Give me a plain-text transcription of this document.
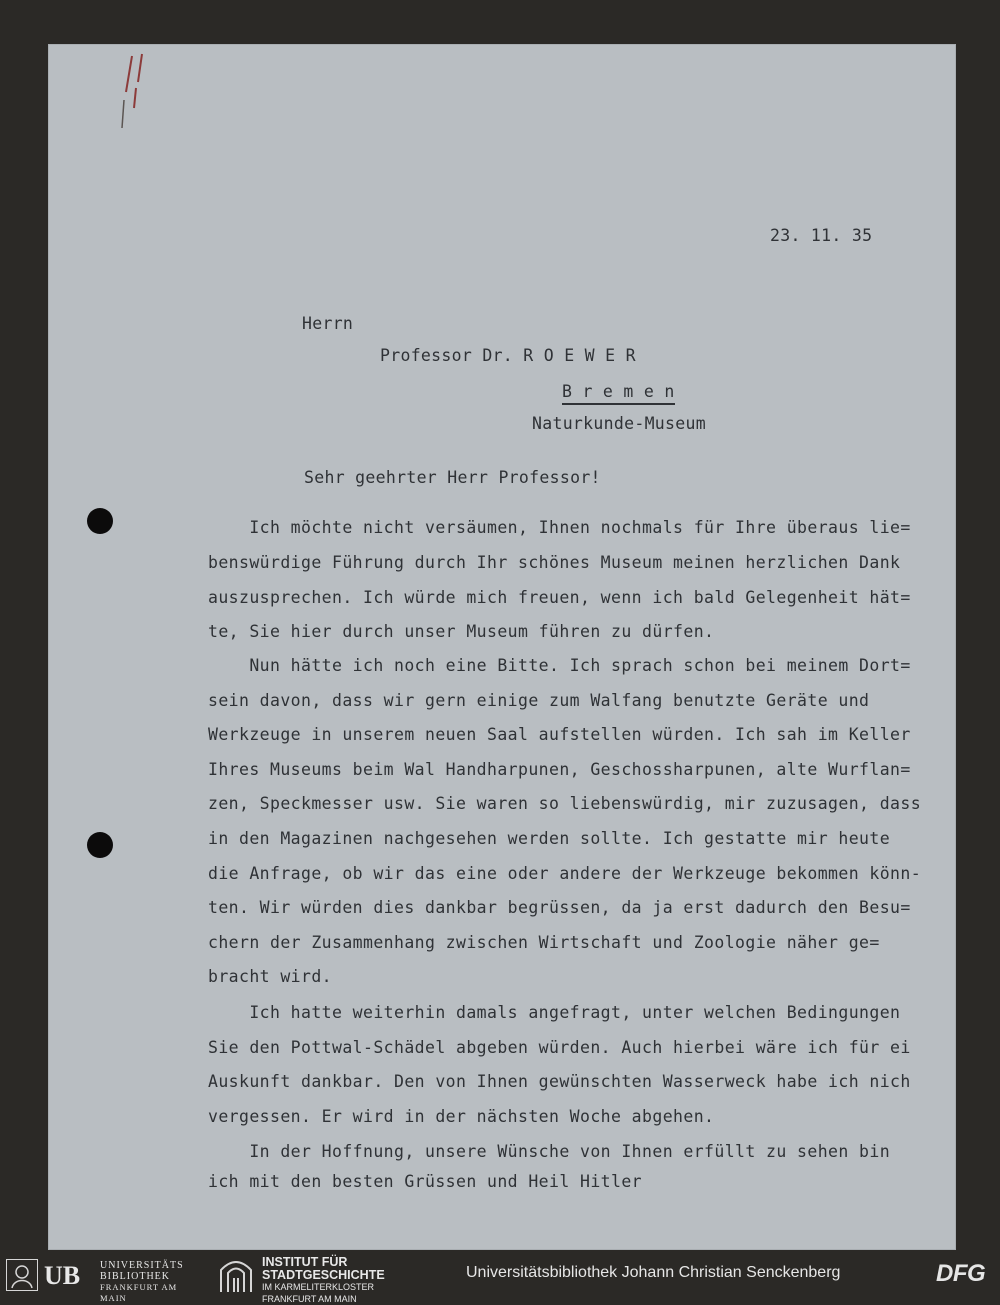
23. 11. 35
Herrn
Professor Dr. R O E W E R
B r e m e n
Naturkunde-Museum
Sehr geehrter Herr Professor!
Ich möchte nicht versäumen, Ihnen nochmals für Ihre überaus lie=
benswürdige Führung durch Ihr schönes Museum meinen herzlichen Dank
auszusprechen. Ich würde mich freuen, wenn ich bald Gelegenheit hät=
te, Sie hier durch unser Museum führen zu dürfen.
Nun hätte ich noch eine Bitte. Ich sprach schon bei meinem Dort=
sein davon, dass wir gern einige zum Walfang benutzte Geräte und
Werkzeuge in unserem neuen Saal aufstellen würden. Ich sah im Keller
Ihres Museums beim Wal Handharpunen, Geschossharpunen, alte Wurflan=
zen, Speckmesser usw. Sie waren so liebenswürdig, mir zuzusagen, dass
in den Magazinen nachgesehen werden sollte. Ich gestatte mir heute
die Anfrage, ob wir das eine oder andere der Werkzeuge bekommen könn-
ten. Wir würden dies dankbar begrüssen, da ja erst dadurch den Besu=
chern der Zusammenhang zwischen Wirtschaft und Zoologie näher ge=
bracht wird.
Ich hatte weiterhin damals angefragt, unter welchen Bedingungen
Sie den Pottwal-Schädel abgeben würden. Auch hierbei wäre ich für ei
Auskunft dankbar. Den von Ihnen gewünschten Wasserweck habe ich nich
vergessen. Er wird in der nächsten Woche abgehen.
In der Hoffnung, unsere Wünsche von Ihnen erfüllt zu sehen bin
ich mit den besten Grüssen und Heil Hitler
UB UNIVERSITÄTS
BIBLIOTHEK
FRANKFURT AM MAIN
INSTITUT FÜR
STADTGESCHICHTE
IM KARMELITERKLOSTER
FRANKFURT AM MAIN
Universitätsbibliothek Johann Christian Senckenberg	DFG
